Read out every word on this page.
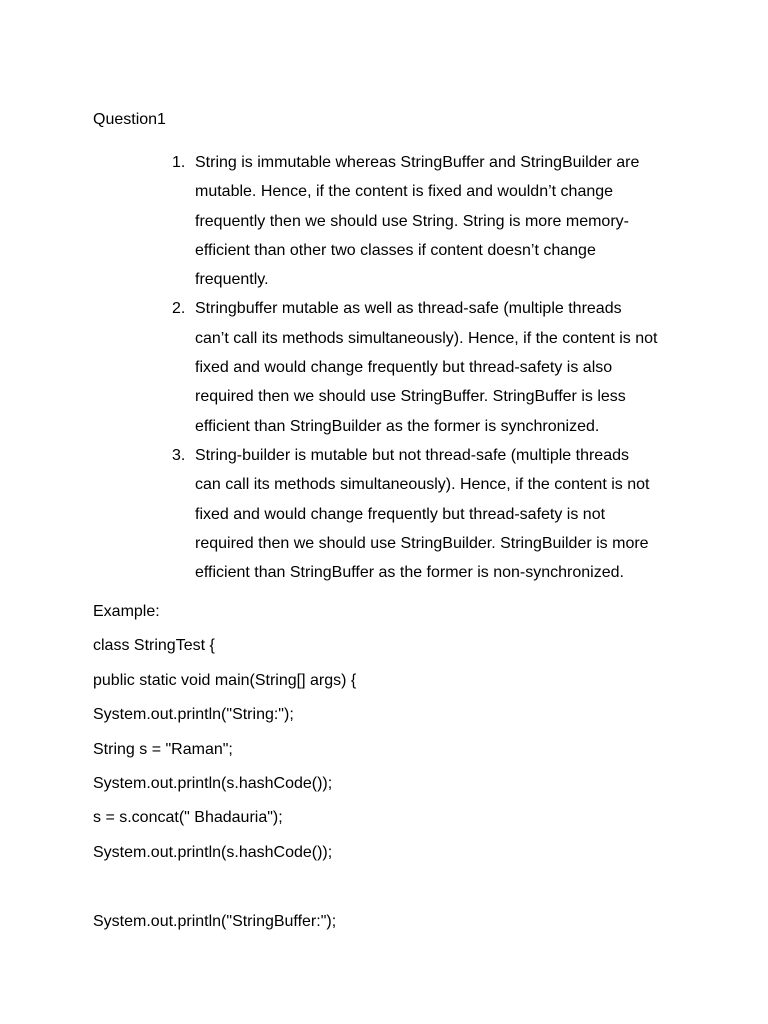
Question1
1. String is immutable whereas StringBuffer and StringBuilder are
mutable. Hence, if the content is fixed and wouldn’t change
frequently then we should use String. String is more memory-
efficient than other two classes if content doesn’t change
frequently.
2. Stringbuffer mutable as well as thread-safe (multiple threads
can’t call its methods simultaneously). Hence, if the content is not
fixed and would change frequently but thread-safety is also
required then we should use StringBuffer. StringBuffer is less
efficient than StringBuilder as the former is synchronized.
3. String-builder is mutable but not thread-safe (multiple threads
can call its methods simultaneously). Hence, if the content is not
fixed and would change frequently but thread-safety is not
required then we should use StringBuilder. StringBuilder is more
efficient than StringBuffer as the former is non-synchronized.
Example:
class StringTest {
public static void main(String[] args) {
System.out.println("String:");
String s = "Raman";
System.out.println(s.hashCode());
s = s.concat(" Bhadauria");
System.out.println(s.hashCode());
System.out.println("StringBuffer:");
